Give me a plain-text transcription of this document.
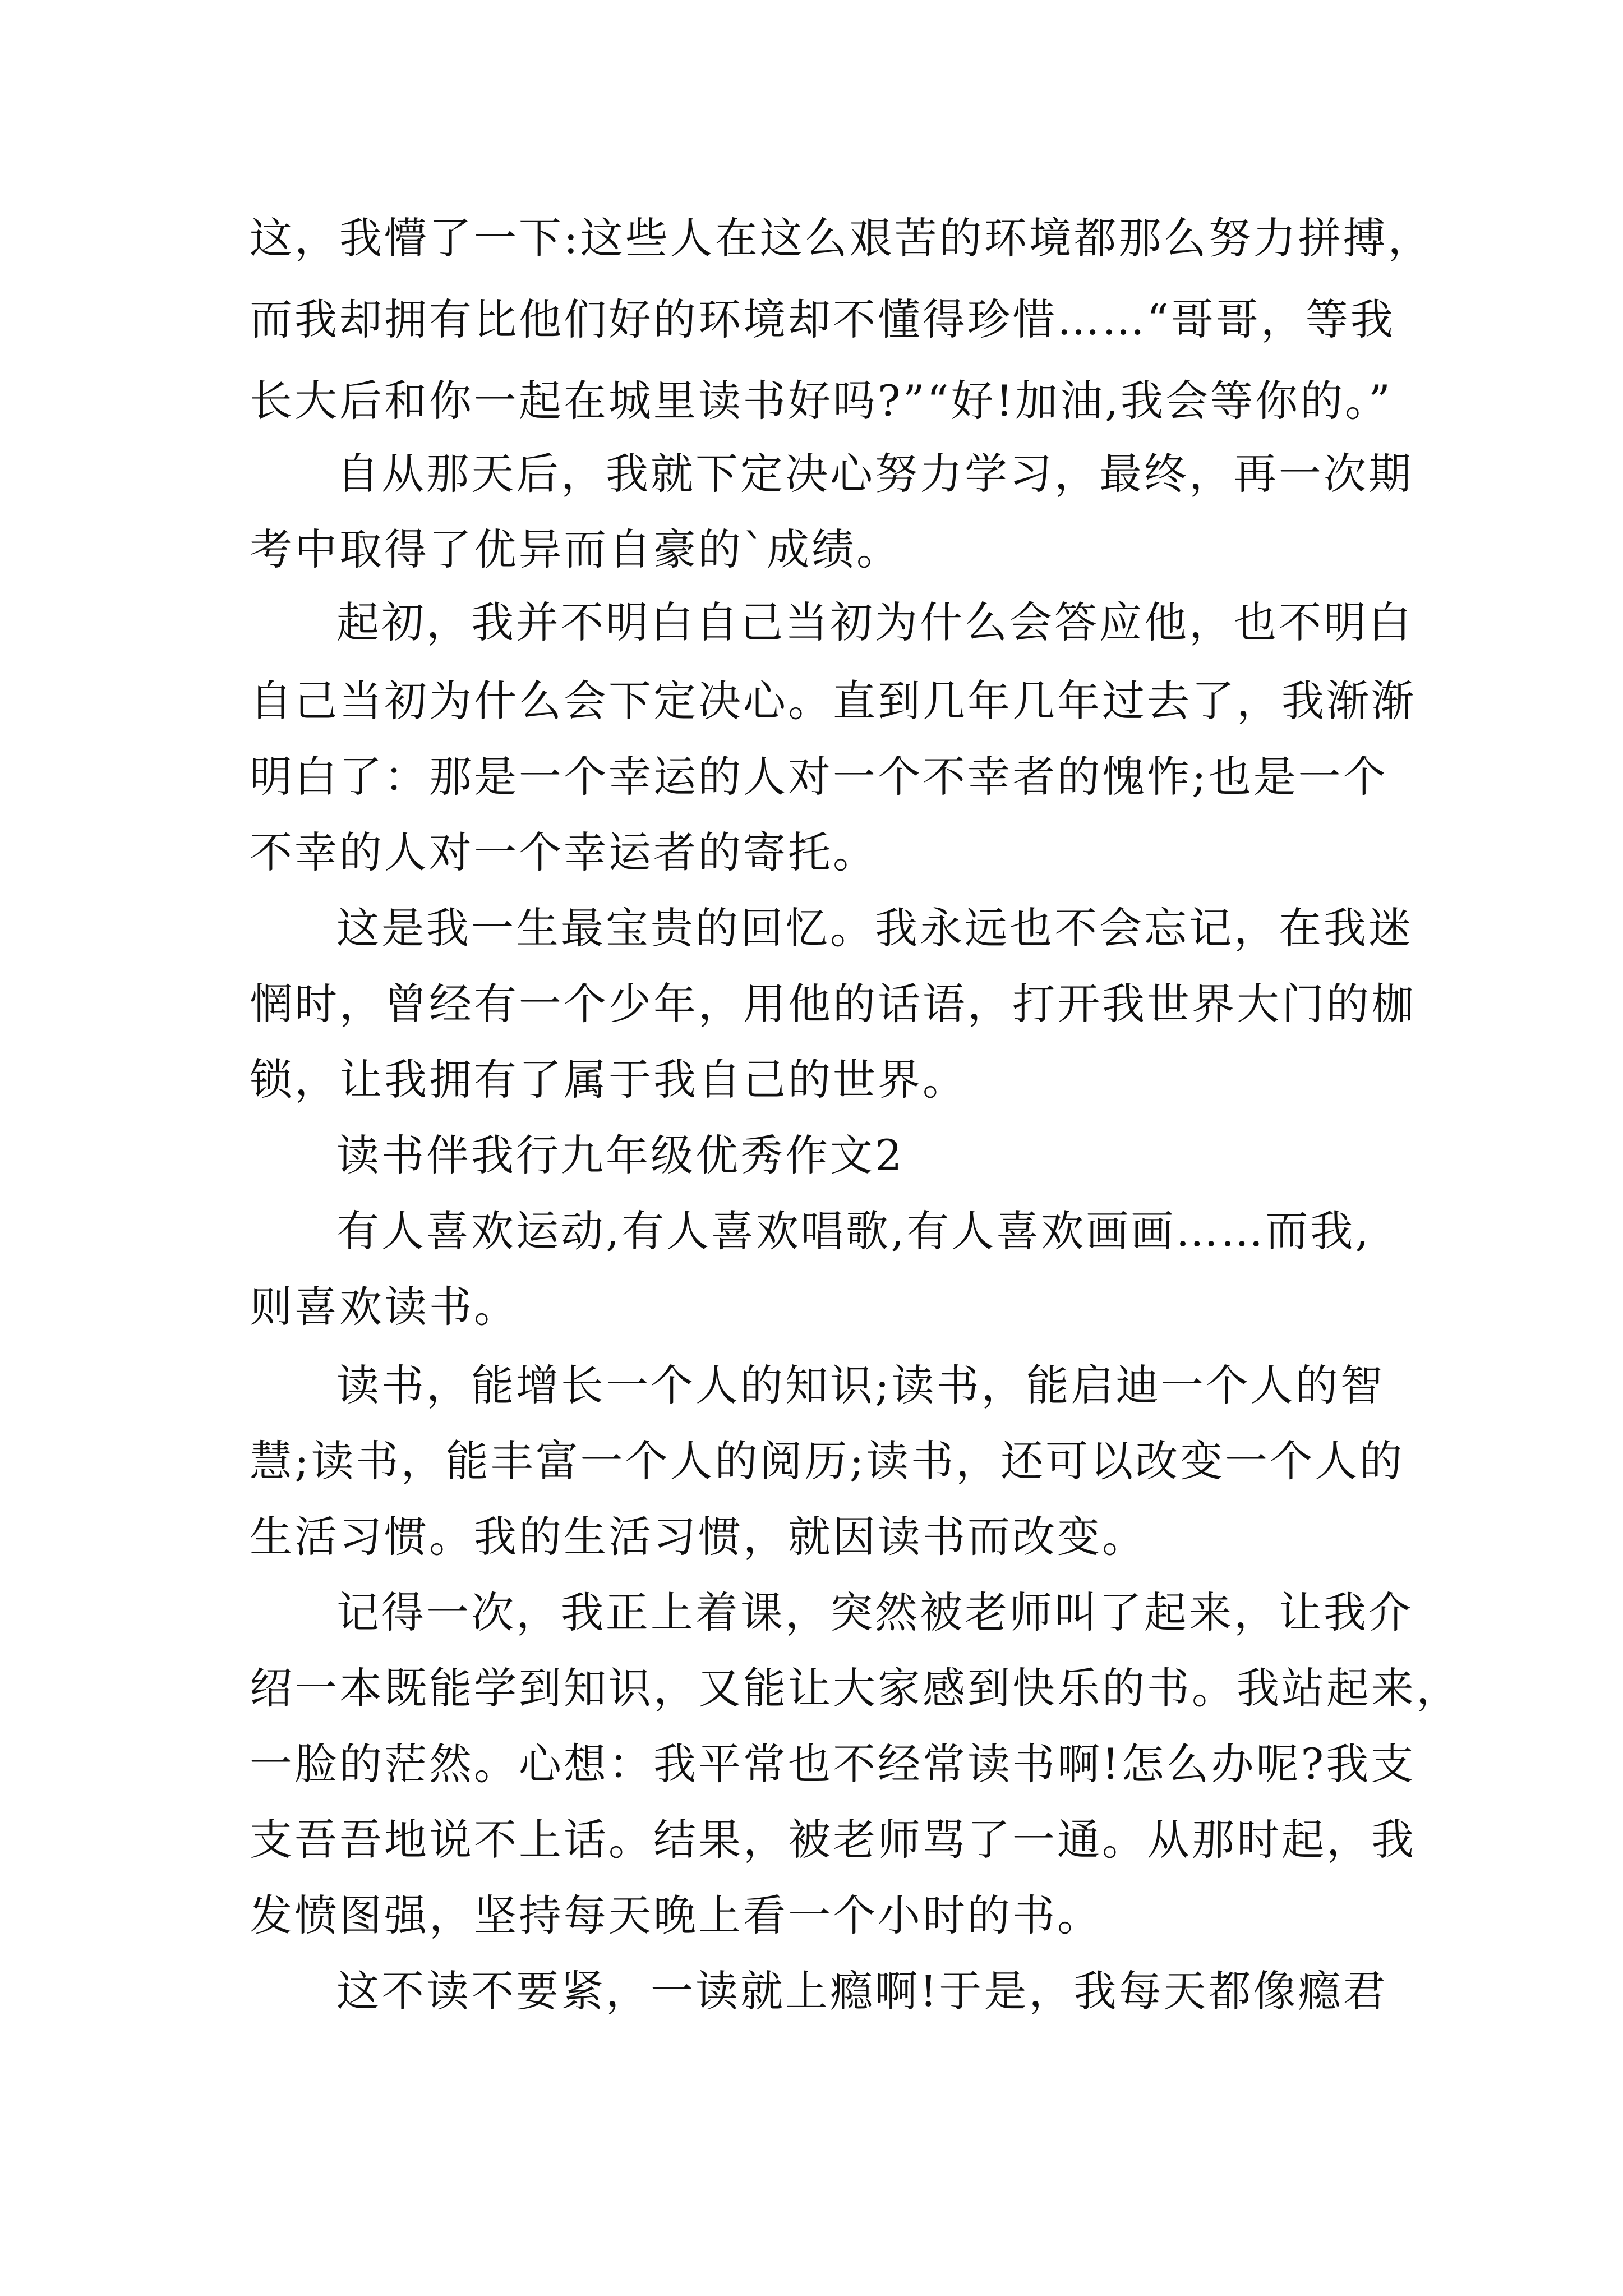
这，我懵了一下:这些人在这么艰苦的环境都那么努力拼搏，
而我却拥有比他们好的环境却不懂得珍惜……“哥哥，等我
长大后和你一起在城里读书好吗?”“好!加油,我会等你的。”
自从那天后，我就下定决心努力学习，最终，再一次期
考中取得了优异而自豪的`成绩。
起初，我并不明白自己当初为什么会答应他，也不明白
自己当初为什么会下定决心。直到几年几年过去了，我渐渐
明白了：那是一个幸运的人对一个不幸者的愧怍;也是一个
不幸的人对一个幸运者的寄托。
这是我一生最宝贵的回忆。我永远也不会忘记，在我迷
惘时，曾经有一个少年，用他的话语，打开我世界大门的枷
锁，让我拥有了属于我自己的世界。
读书伴我行九年级优秀作文2
有人喜欢运动,有人喜欢唱歌,有人喜欢画画……而我,
则喜欢读书。
读书，能增长一个人的知识;读书，能启迪一个人的智
慧;读书，能丰富一个人的阅历;读书，还可以改变一个人的
生活习惯。我的生活习惯，就因读书而改变。
记得一次，我正上着课，突然被老师叫了起来，让我介
绍一本既能学到知识，又能让大家感到快乐的书。我站起来，
一脸的茫然。心想：我平常也不经常读书啊!怎么办呢?我支
支吾吾地说不上话。结果，被老师骂了一通。从那时起，我
发愤图强，坚持每天晚上看一个小时的书。
这不读不要紧，一读就上瘾啊!于是，我每天都像瘾君
